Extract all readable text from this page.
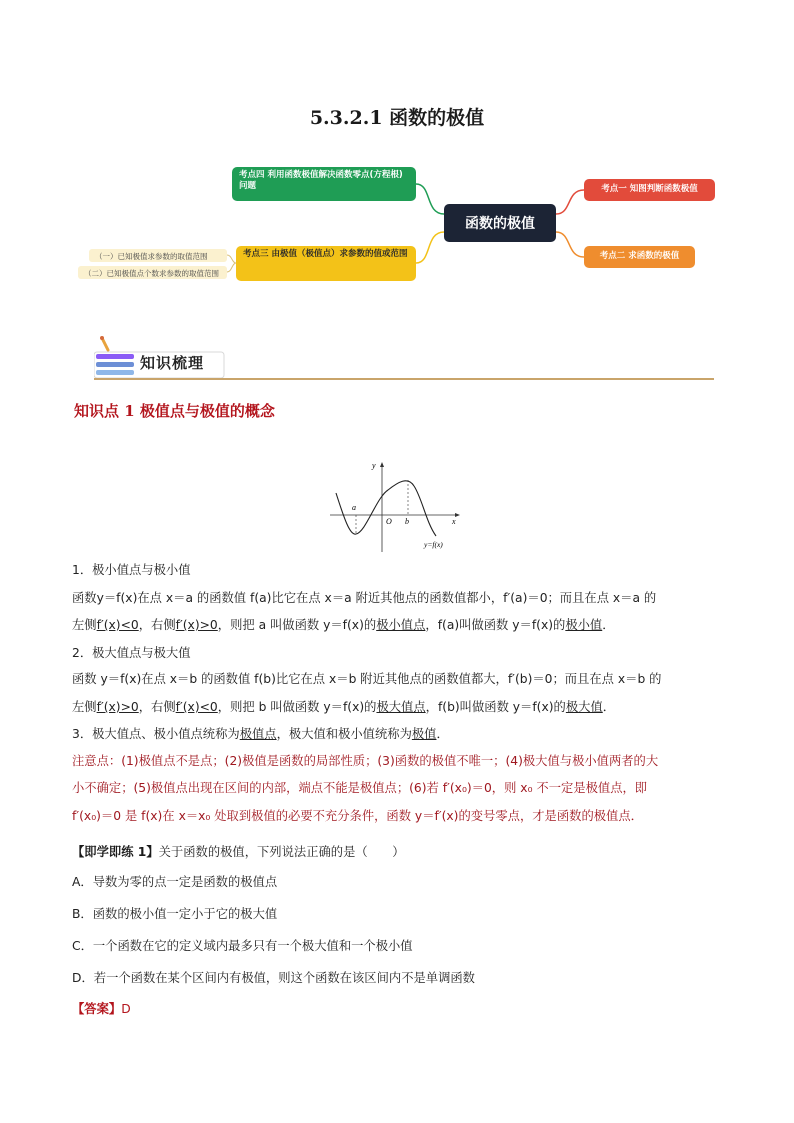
5.3.2.1 函数的极值
函数的极值
考点四 利用函数极值解决函数零点(方程根)问题
考点三 由极值（极值点）求参数的值或范围
考点一 知图判断函数极值
考点二 求函数的极值
（一）已知极值求参数的取值范围
（二）已知极值点个数求参数的取值范围
知识梳理
知识点 1 极值点与极值的概念
y
x
O
a
b
y=f(x)
1．极小值点与极小值
函数y＝f(x)在点 x＝a 的函数值 f(a)比它在点 x＝a 附近其他点的函数值都小，f′(a)＝0；而且在点 x＝a 的
左侧f′(x)<0，右侧f′(x)>0，则把 a 叫做函数 y＝f(x)的极小值点，f(a)叫做函数 y＝f(x)的极小值．
2．极大值点与极大值
函数 y＝f(x)在点 x＝b 的函数值 f(b)比它在点 x＝b 附近其他点的函数值都大，f′(b)＝0；而且在点 x＝b 的
左侧f′(x)>0，右侧f′(x)<0，则把 b 叫做函数 y＝f(x)的极大值点，f(b)叫做函数 y＝f(x)的极大值．
3．极大值点、极小值点统称为极值点，极大值和极小值统称为极值．
注意点：(1)极值点不是点；(2)极值是函数的局部性质；(3)函数的极值不唯一；(4)极大值与极小值两者的大
小不确定；(5)极值点出现在区间的内部，端点不能是极值点；(6)若 f′(x₀)＝0，则 x₀ 不一定是极值点，即
f′(x₀)＝0 是 f(x)在 x＝x₀ 处取到极值的必要不充分条件，函数 y＝f′(x)的变号零点，才是函数的极值点．
【即学即练 1】关于函数的极值，下列说法正确的是（　　）
A．导数为零的点一定是函数的极值点
B．函数的极小值一定小于它的极大值
C．一个函数在它的定义域内最多只有一个极大值和一个极小值
D．若一个函数在某个区间内有极值，则这个函数在该区间内不是单调函数
【答案】D
